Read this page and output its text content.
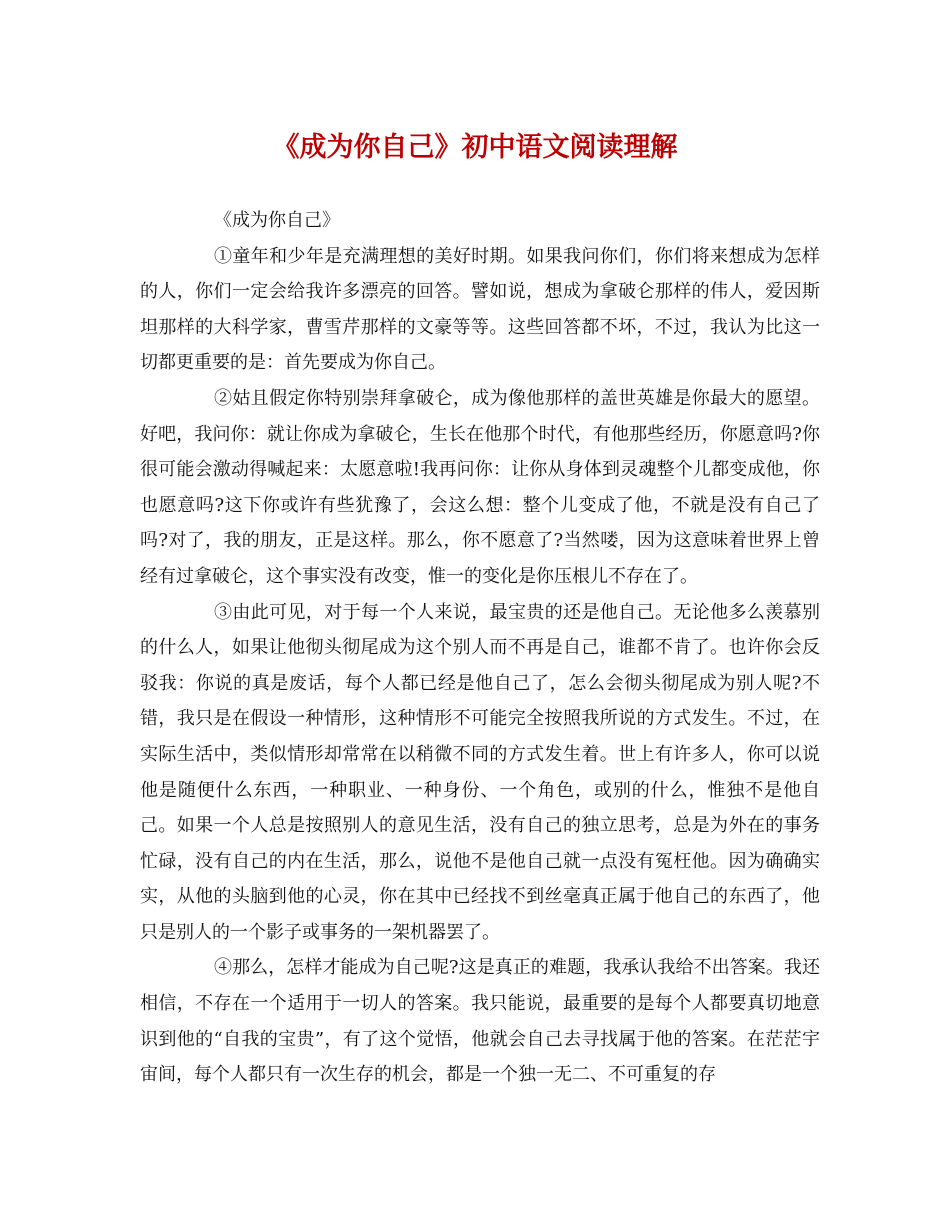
《成为你自己》初中语文阅读理解

《成为你自己》

①童年和少年是充满理想的美好时期。如果我问你们，你们将来想成为怎样的人，你们一定会给我许多漂亮的回答。譬如说，想成为拿破仑那样的伟人，爱因斯坦那样的大科学家，曹雪芹那样的文豪等等。这些回答都不坏，不过，我认为比这一切都更重要的是：首先要成为你自己。

②姑且假定你特别崇拜拿破仑，成为像他那样的盖世英雄是你最大的愿望。好吧，我问你：就让你成为拿破仑，生长在他那个时代，有他那些经历，你愿意吗?你很可能会激动得喊起来：太愿意啦!我再问你：让你从身体到灵魂整个儿都变成他，你也愿意吗?这下你或许有些犹豫了，会这么想：整个儿变成了他，不就是没有自己了吗?对了，我的朋友，正是这样。那么，你不愿意了?当然喽，因为这意味着世界上曾经有过拿破仑，这个事实没有改变，惟一的变化是你压根儿不存在了。

③由此可见，对于每一个人来说，最宝贵的还是他自己。无论他多么羡慕别的什么人，如果让他彻头彻尾成为这个别人而不再是自己，谁都不肯了。也许你会反驳我：你说的真是废话，每个人都已经是他自己了，怎么会彻头彻尾成为别人呢?不错，我只是在假设一种情形，这种情形不可能完全按照我所说的方式发生。不过，在实际生活中，类似情形却常常在以稍微不同的方式发生着。世上有许多人，你可以说他是随便什么东西，一种职业、一种身份、一个角色，或别的什么，惟独不是他自己。如果一个人总是按照别人的意见生活，没有自己的独立思考，总是为外在的事务忙碌，没有自己的内在生活，那么，说他不是他自己就一点没有冤枉他。因为确确实实，从他的头脑到他的心灵，你在其中已经找不到丝毫真正属于他自己的东西了，他只是别人的一个影子或事务的一架机器罢了。

④那么，怎样才能成为自己呢?这是真正的难题，我承认我给不出答案。我还相信，不存在一个适用于一切人的答案。我只能说，最重要的是每个人都要真切地意识到他的“自我的宝贵”，有了这个觉悟，他就会自己去寻找属于他的答案。在茫茫宇宙间，每个人都只有一次生存的机会，都是一个独一无二、不可重复的存
